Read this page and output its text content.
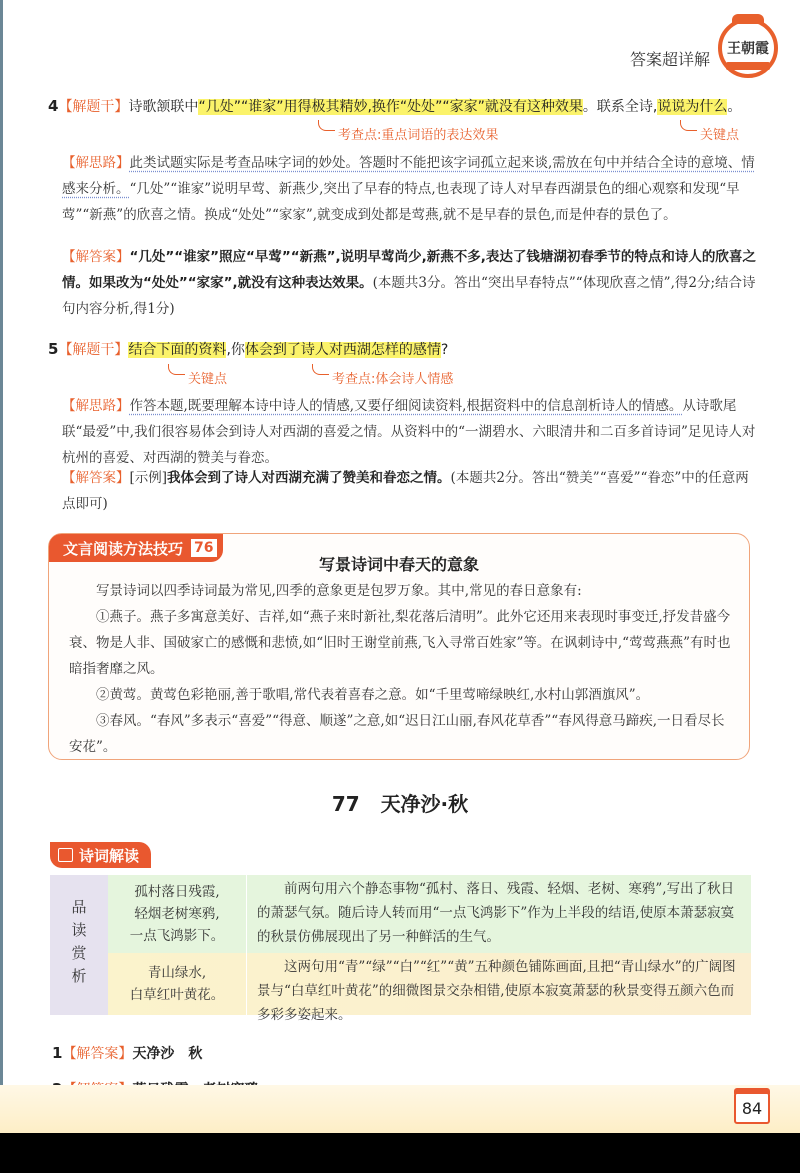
答案超详解
王朝霞
4【解题干】诗歌颔联中“几处”“谁家”用得极其精妙,换作“处处”“家家”就没有这种效果。联系全诗,说说为什么。
考查点:重点词语的表达效果	关键点
【解思路】此类试题实际是考查品味字词的妙处。答题时不能把该字词孤立起来谈,需放在句中并结合全诗的意境、情感来分析。“几处”“谁家”说明早莺、新燕少,突出了早春的特点,也表现了诗人对早春西湖景色的细心观察和发现“早莺”“新燕”的欣喜之情。换成“处处”“家家”,就变成到处都是莺燕,就不是早春的景色,而是仲春的景色了。
【解答案】“几处”“谁家”照应“早莺”“新燕”,说明早莺尚少,新燕不多,表达了钱塘湖初春季节的特点和诗人的欣喜之情。如果改为“处处”“家家”,就没有这种表达效果。(本题共3分。答出“突出早春特点”“体现欣喜之情”,得2分;结合诗句内容分析,得1分)
5【解题干】结合下面的资料,你体会到了诗人对西湖怎样的感情?
关键点	考查点:体会诗人情感
【解思路】作答本题,既要理解本诗中诗人的情感,又要仔细阅读资料,根据资料中的信息剖析诗人的情感。从诗歌尾联“最爱”中,我们很容易体会到诗人对西湖的喜爱之情。从资料中的“一湖碧水、六眼清井和二百多首诗词”足见诗人对杭州的喜爱、对西湖的赞美与眷恋。
【解答案】[示例]我体会到了诗人对西湖充满了赞美和眷恋之情。(本题共2分。答出“赞美”“喜爱”“眷恋”中的任意两点即可)
文言阅读方法技巧 76
写景诗词中春天的意象

写景诗词以四季诗词最为常见,四季的意象更是包罗万象。其中,常见的春日意象有:

①燕子。燕子多寓意美好、吉祥,如“燕子来时新社,梨花落后清明”。此外它还用来表现时事变迁,抒发昔盛今衰、物是人非、国破家亡的感慨和悲愤,如“旧时王谢堂前燕,飞入寻常百姓家”等。在讽刺诗中,“莺莺燕燕”有时也暗指奢靡之风。

②黄莺。黄莺色彩艳丽,善于歌唱,常代表着喜春之意。如“千里莺啼绿映红,水村山郭酒旗风”。

③春风。“春风”多表示“喜爱”“得意、顺遂”之意,如“迟日江山丽,春风花草香”“春风得意马蹄疾,一日看尽长安花”。

77 天净沙·秋
诗词解读
品读赏析
孤村落日残霞,
轻烟老树寒鸦,
一点飞鸿影下。
前两句用六个静态事物“孤村、落日、残霞、轻烟、老树、寒鸦”,写出了秋日的萧瑟气氛。随后诗人转而用“一点飞鸿影下”作为上半段的结语,使原本萧瑟寂寞的秋景仿佛展现出了另一种鲜活的生气。
青山绿水,
白草红叶黄花。
这两句用“青”“绿”“白”“红”“黄”五种颜色铺陈画面,且把“青山绿水”的广阔图景与“白草红叶黄花”的细微图景交杂相错,使原本寂寞萧瑟的秋景变得五颜六色而多彩多姿起来。
1【解答案】天净沙　秋
84
